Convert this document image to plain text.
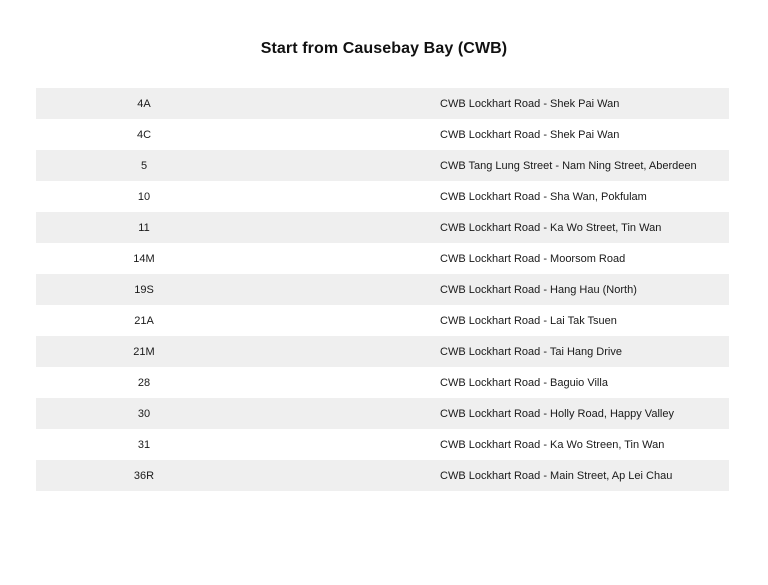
Start from Causebay Bay (CWB)
4A	CWB Lockhart Road - Shek Pai Wan
4C	CWB Lockhart Road - Shek Pai Wan
5	CWB Tang Lung Street - Nam Ning Street, Aberdeen
10	CWB Lockhart Road - Sha Wan, Pokfulam
11	CWB Lockhart Road - Ka Wo Street, Tin Wan
14M	CWB Lockhart Road - Moorsom Road
19S	CWB Lockhart Road - Hang Hau (North)
21A	CWB Lockhart Road - Lai Tak Tsuen
21M	CWB Lockhart Road - Tai Hang Drive
28	CWB Lockhart Road - Baguio Villa
30	CWB Lockhart Road - Holly Road, Happy Valley
31	CWB Lockhart Road - Ka Wo Streen, Tin Wan
36R	CWB Lockhart Road - Main Street, Ap Lei Chau
